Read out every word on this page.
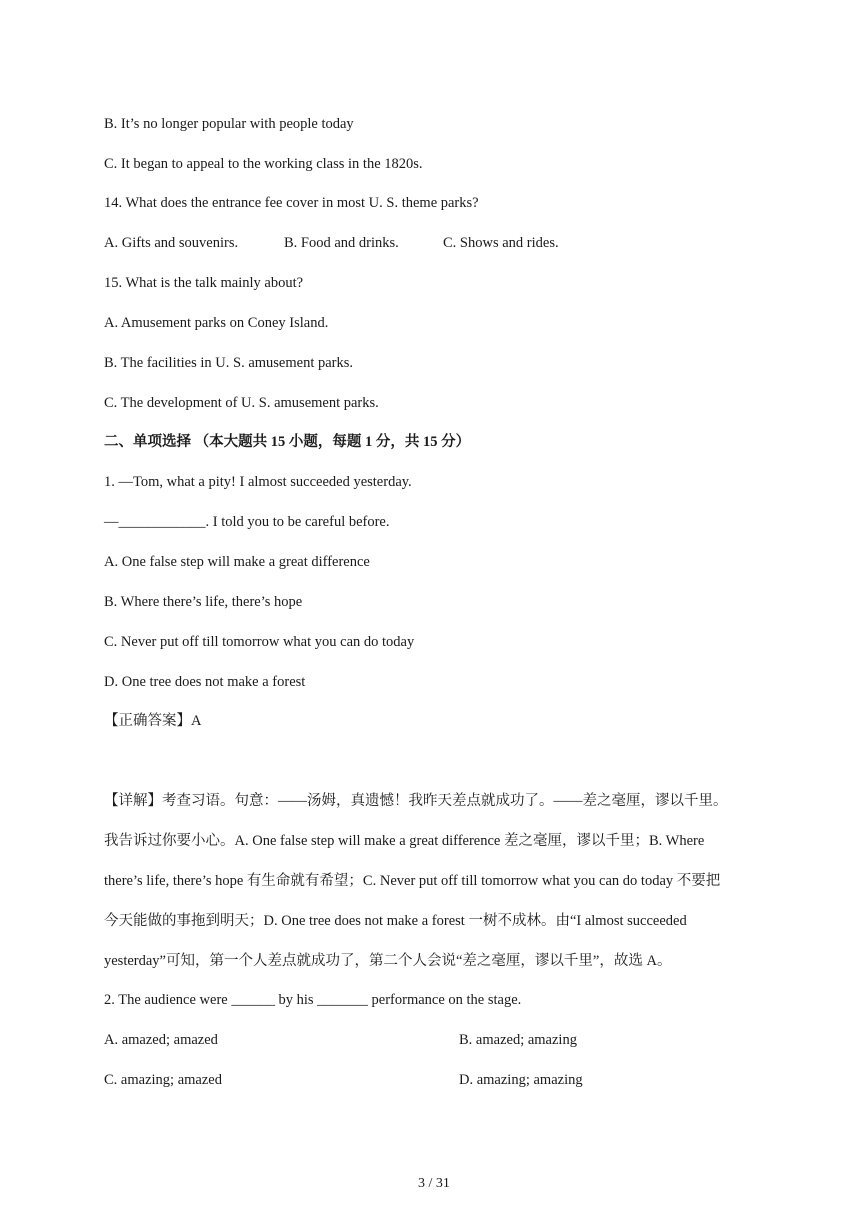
B. It’s no longer popular with people today
C. It began to appeal to the working class in the 1820s.
14. What does the entrance fee cover in most U. S. theme parks?
A. Gifts and souvenirs.	B. Food and drinks.	C. Shows and rides.
15. What is the talk mainly about?
A. Amusement parks on Coney Island.
B. The facilities in U. S. amusement parks.
C. The development of U. S. amusement parks.
二、单项选择 （本大题共 15 小题，每题 1 分，共 15 分）
1. —Tom, what a pity! I almost succeeded yesterday.
—____________. I told you to be careful before.
A. One false step will make a great difference
B. Where there’s life, there’s hope
C. Never put off till tomorrow what you can do today
D. One tree does not make a forest
【正确答案】A
【详解】考查习语。句意：——汤姆，真遗憾！我昨天差点就成功了。——差之毫厘，谬以千里。
我告诉过你要小心。A. One false step will make a great difference 差之毫厘，谬以千里；B. Where
there’s life, there’s hope 有生命就有希望；C. Never put off till tomorrow what you can do today 不要把
今天能做的事拖到明天；D. One tree does not make a forest 一树不成林。由“I almost succeeded
yesterday”可知，第一个人差点就成功了，第二个人会说“差之毫厘，谬以千里”，故选 A。
2. The audience were ______ by his _______ performance on the stage.
A. amazed; amazed	B. amazed; amazing
C. amazing; amazed	D. amazing; amazing
3 / 31
